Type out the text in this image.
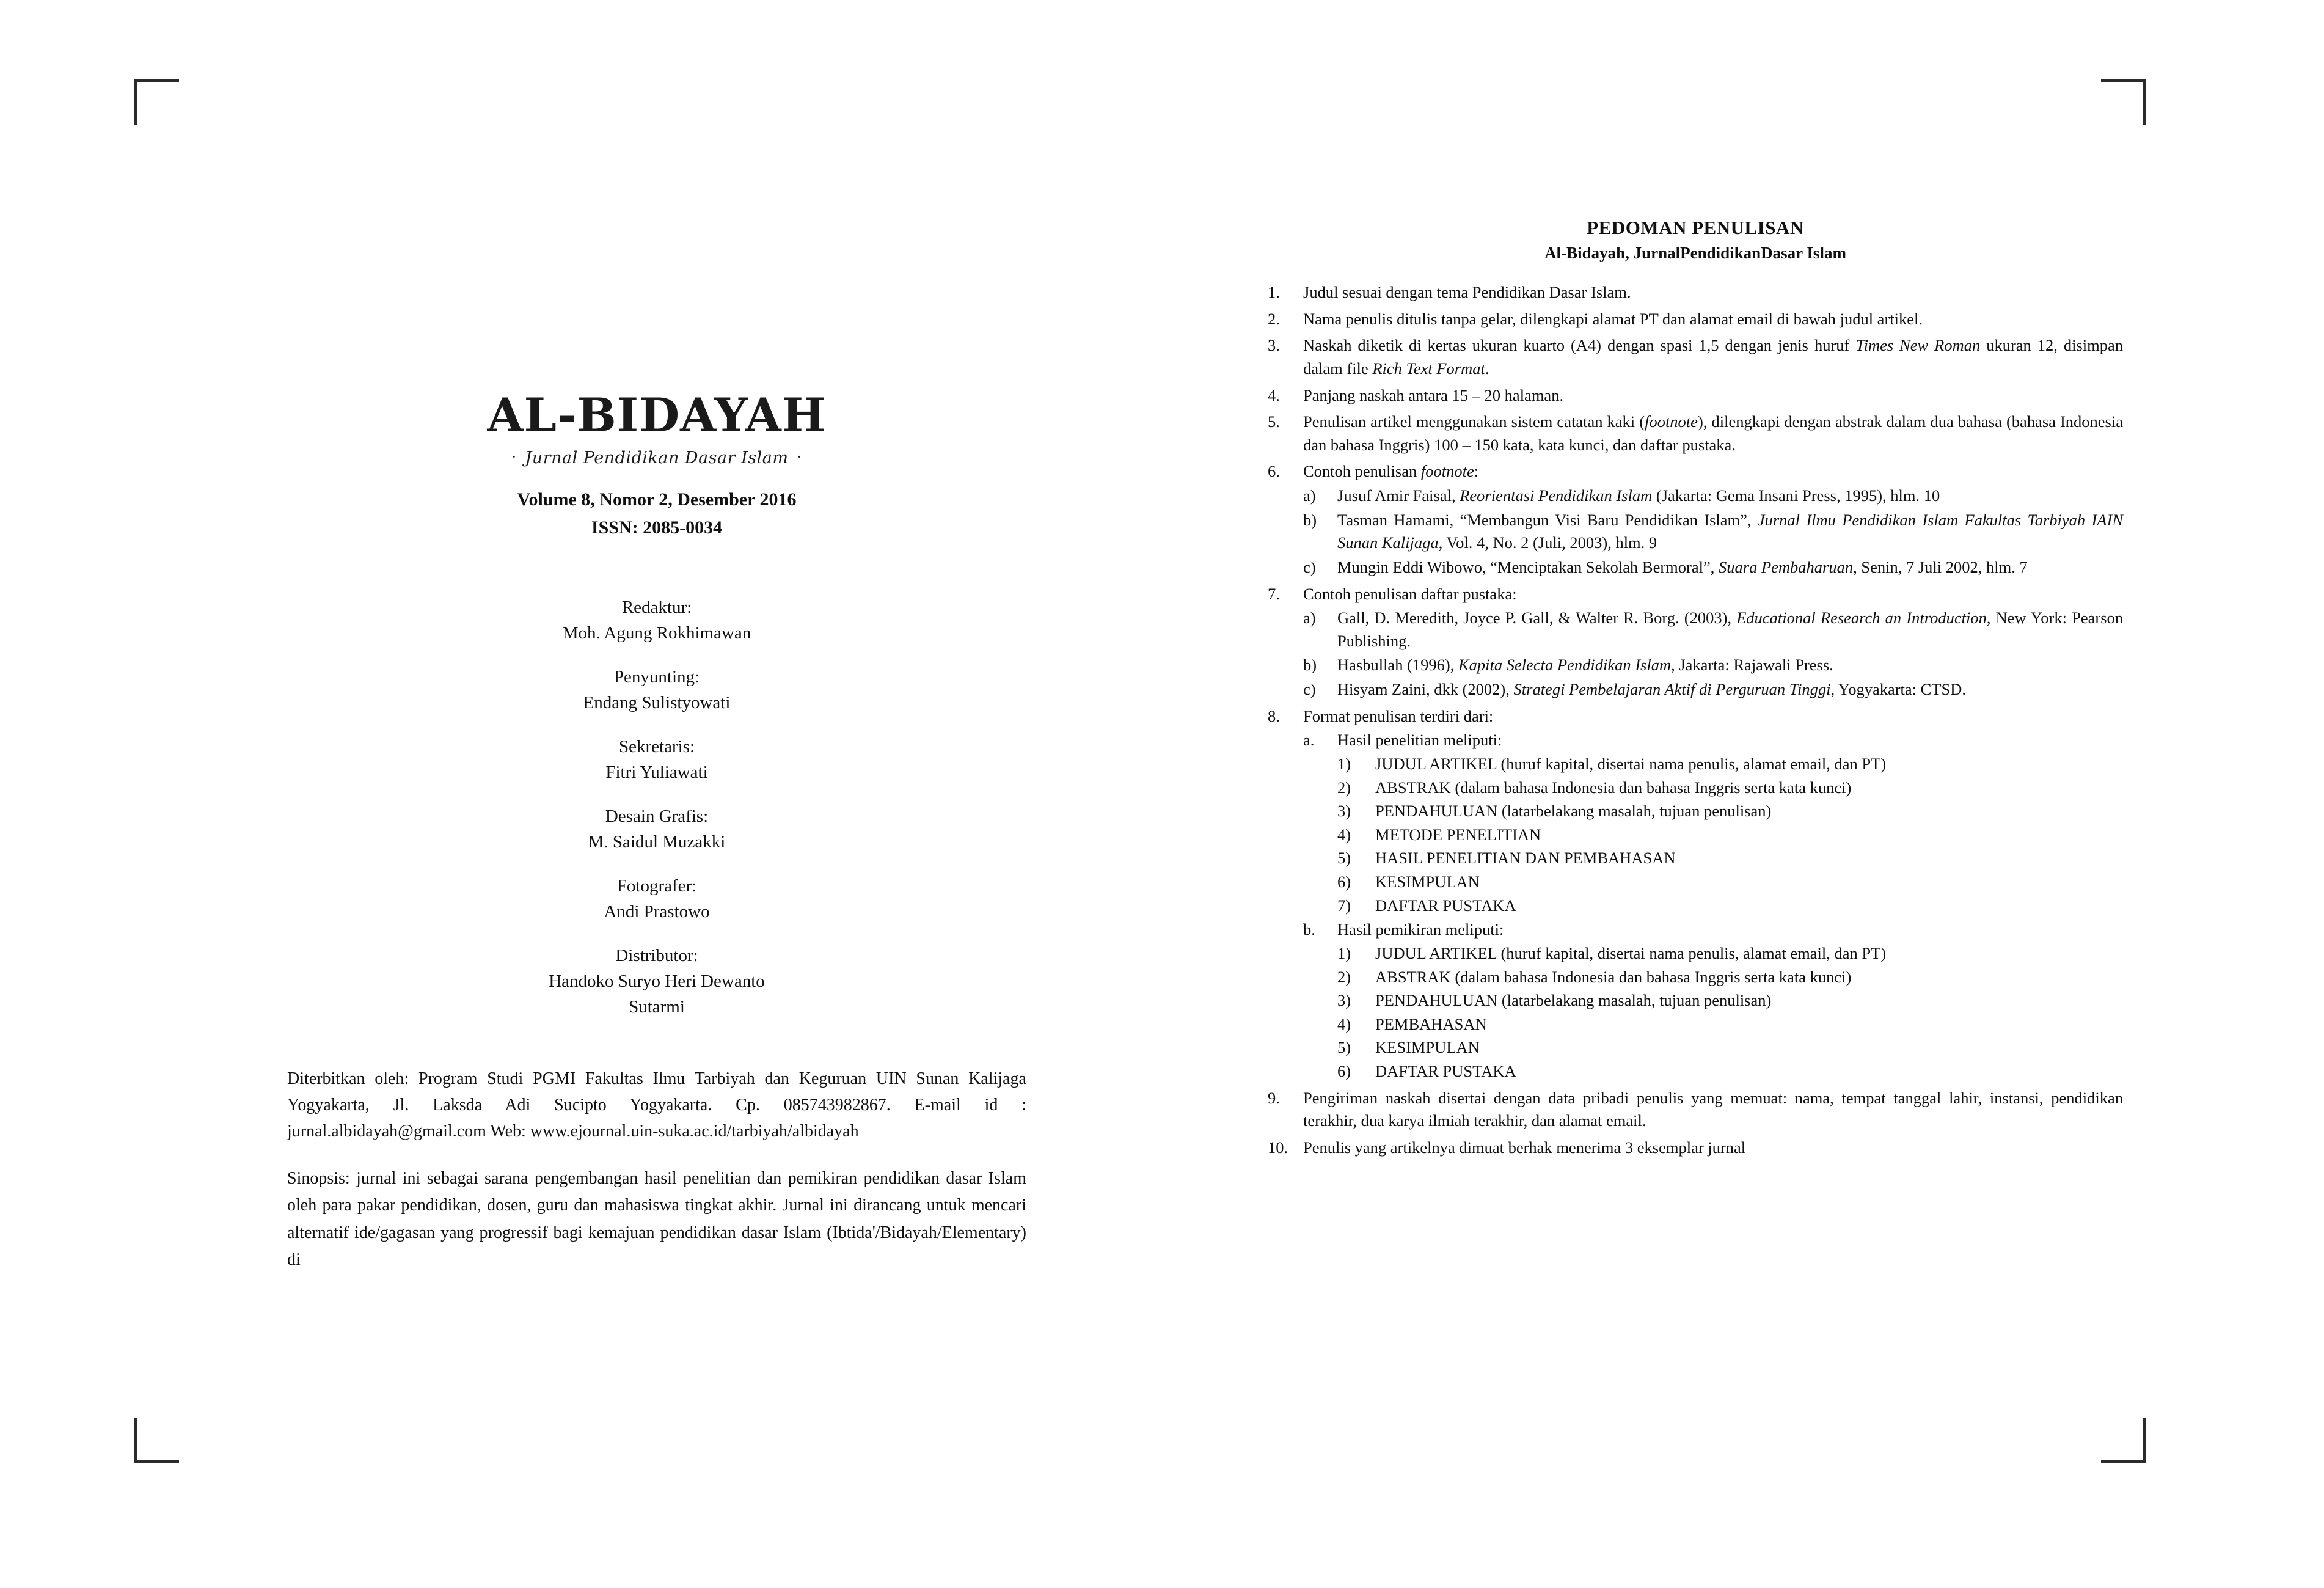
AL-BIDAYAH
· Jurnal Pendidikan Dasar Islam ·
Volume 8, Nomor 2, Desember 2016
ISSN: 2085-0034
Redaktur:
Moh. Agung Rokhimawan
Penyunting:
Endang Sulistyowati
Sekretaris:
Fitri Yuliawati
Desain Grafis:
M. Saidul Muzakki
Fotografer:
Andi Prastowo
Distributor:
Handoko Suryo Heri Dewanto
Sutarmi

Diterbitkan oleh: Program Studi PGMI Fakultas Ilmu Tarbiyah dan Keguruan UIN Sunan Kalijaga Yogyakarta, Jl. Laksda Adi Sucipto Yogyakarta. Cp. 085743982867. E-mail id : jurnal.albidayah@gmail.com Web: www.ejournal.uin-suka.ac.id/tarbiyah/albidayah

Sinopsis: jurnal ini sebagai sarana pengembangan hasil penelitian dan pemikiran pendidikan dasar Islam oleh para pakar pendidikan, dosen, guru dan mahasiswa tingkat akhir. Jurnal ini dirancang untuk mencari alternatif ide/gagasan yang progressif bagi kemajuan pendidikan dasar Islam (Ibtida'/Bidayah/Elementary) di

PEDOMAN PENULISAN
Al-Bidayah, JurnalPendidikanDasar Islam
1.	Judul sesuai dengan tema Pendidikan Dasar Islam.
2.	Nama penulis ditulis tanpa gelar, dilengkapi alamat PT dan alamat email di bawah judul artikel.
3.	Naskah diketik di kertas ukuran kuarto (A4) dengan spasi 1,5 dengan jenis huruf Times New Roman ukuran 12, disimpan dalam file Rich Text Format.
4.	Panjang naskah antara 15 – 20 halaman.
5.	Penulisan artikel menggunakan sistem catatan kaki (footnote), dilengkapi dengan abstrak dalam dua bahasa (bahasa Indonesia dan bahasa Inggris) 100 – 150 kata, kata kunci, dan daftar pustaka.
6.	Contoh penulisan footnote:
a)	Jusuf Amir Faisal, Reorientasi Pendidikan Islam (Jakarta: Gema Insani Press, 1995), hlm. 10
b)	Tasman Hamami, “Membangun Visi Baru Pendidikan Islam”, Jurnal Ilmu Pendidikan Islam Fakultas Tarbiyah IAIN Sunan Kalijaga, Vol. 4, No. 2 (Juli, 2003), hlm. 9
c)	Mungin Eddi Wibowo, “Menciptakan Sekolah Bermoral”, Suara Pembaharuan, Senin, 7 Juli 2002, hlm. 7
7.	Contoh penulisan daftar pustaka:
a)	Gall, D. Meredith, Joyce P. Gall, & Walter R. Borg. (2003), Educational Research an Introduction, New York: Pearson Publishing.
b)	Hasbullah (1996), Kapita Selecta Pendidikan Islam, Jakarta: Rajawali Press.
c)	Hisyam Zaini, dkk (2002), Strategi Pembelajaran Aktif di Perguruan Tinggi, Yogyakarta: CTSD.
8.	Format penulisan terdiri dari:
a.	Hasil penelitian meliputi:
1)	JUDUL ARTIKEL (huruf kapital, disertai nama penulis, alamat email, dan PT)
2)	ABSTRAK (dalam bahasa Indonesia dan bahasa Inggris serta kata kunci)
3)	PENDAHULUAN (latarbelakang masalah, tujuan penulisan)
4)	METODE PENELITIAN
5)	HASIL PENELITIAN DAN PEMBAHASAN
6)	KESIMPULAN
7)	DAFTAR PUSTAKA
b.	Hasil pemikiran meliputi:
1)	JUDUL ARTIKEL (huruf kapital, disertai nama penulis, alamat email, dan PT)
2)	ABSTRAK (dalam bahasa Indonesia dan bahasa Inggris serta kata kunci)
3)	PENDAHULUAN (latarbelakang masalah, tujuan penulisan)
4)	PEMBAHASAN
5)	KESIMPULAN
6)	DAFTAR PUSTAKA
9.	Pengiriman naskah disertai dengan data pribadi penulis yang memuat: nama, tempat tanggal lahir, instansi, pendidikan terakhir, dua karya ilmiah terakhir, dan alamat email.
10. Penulis yang artikelnya dimuat berhak menerima 3 eksemplar jurnal
